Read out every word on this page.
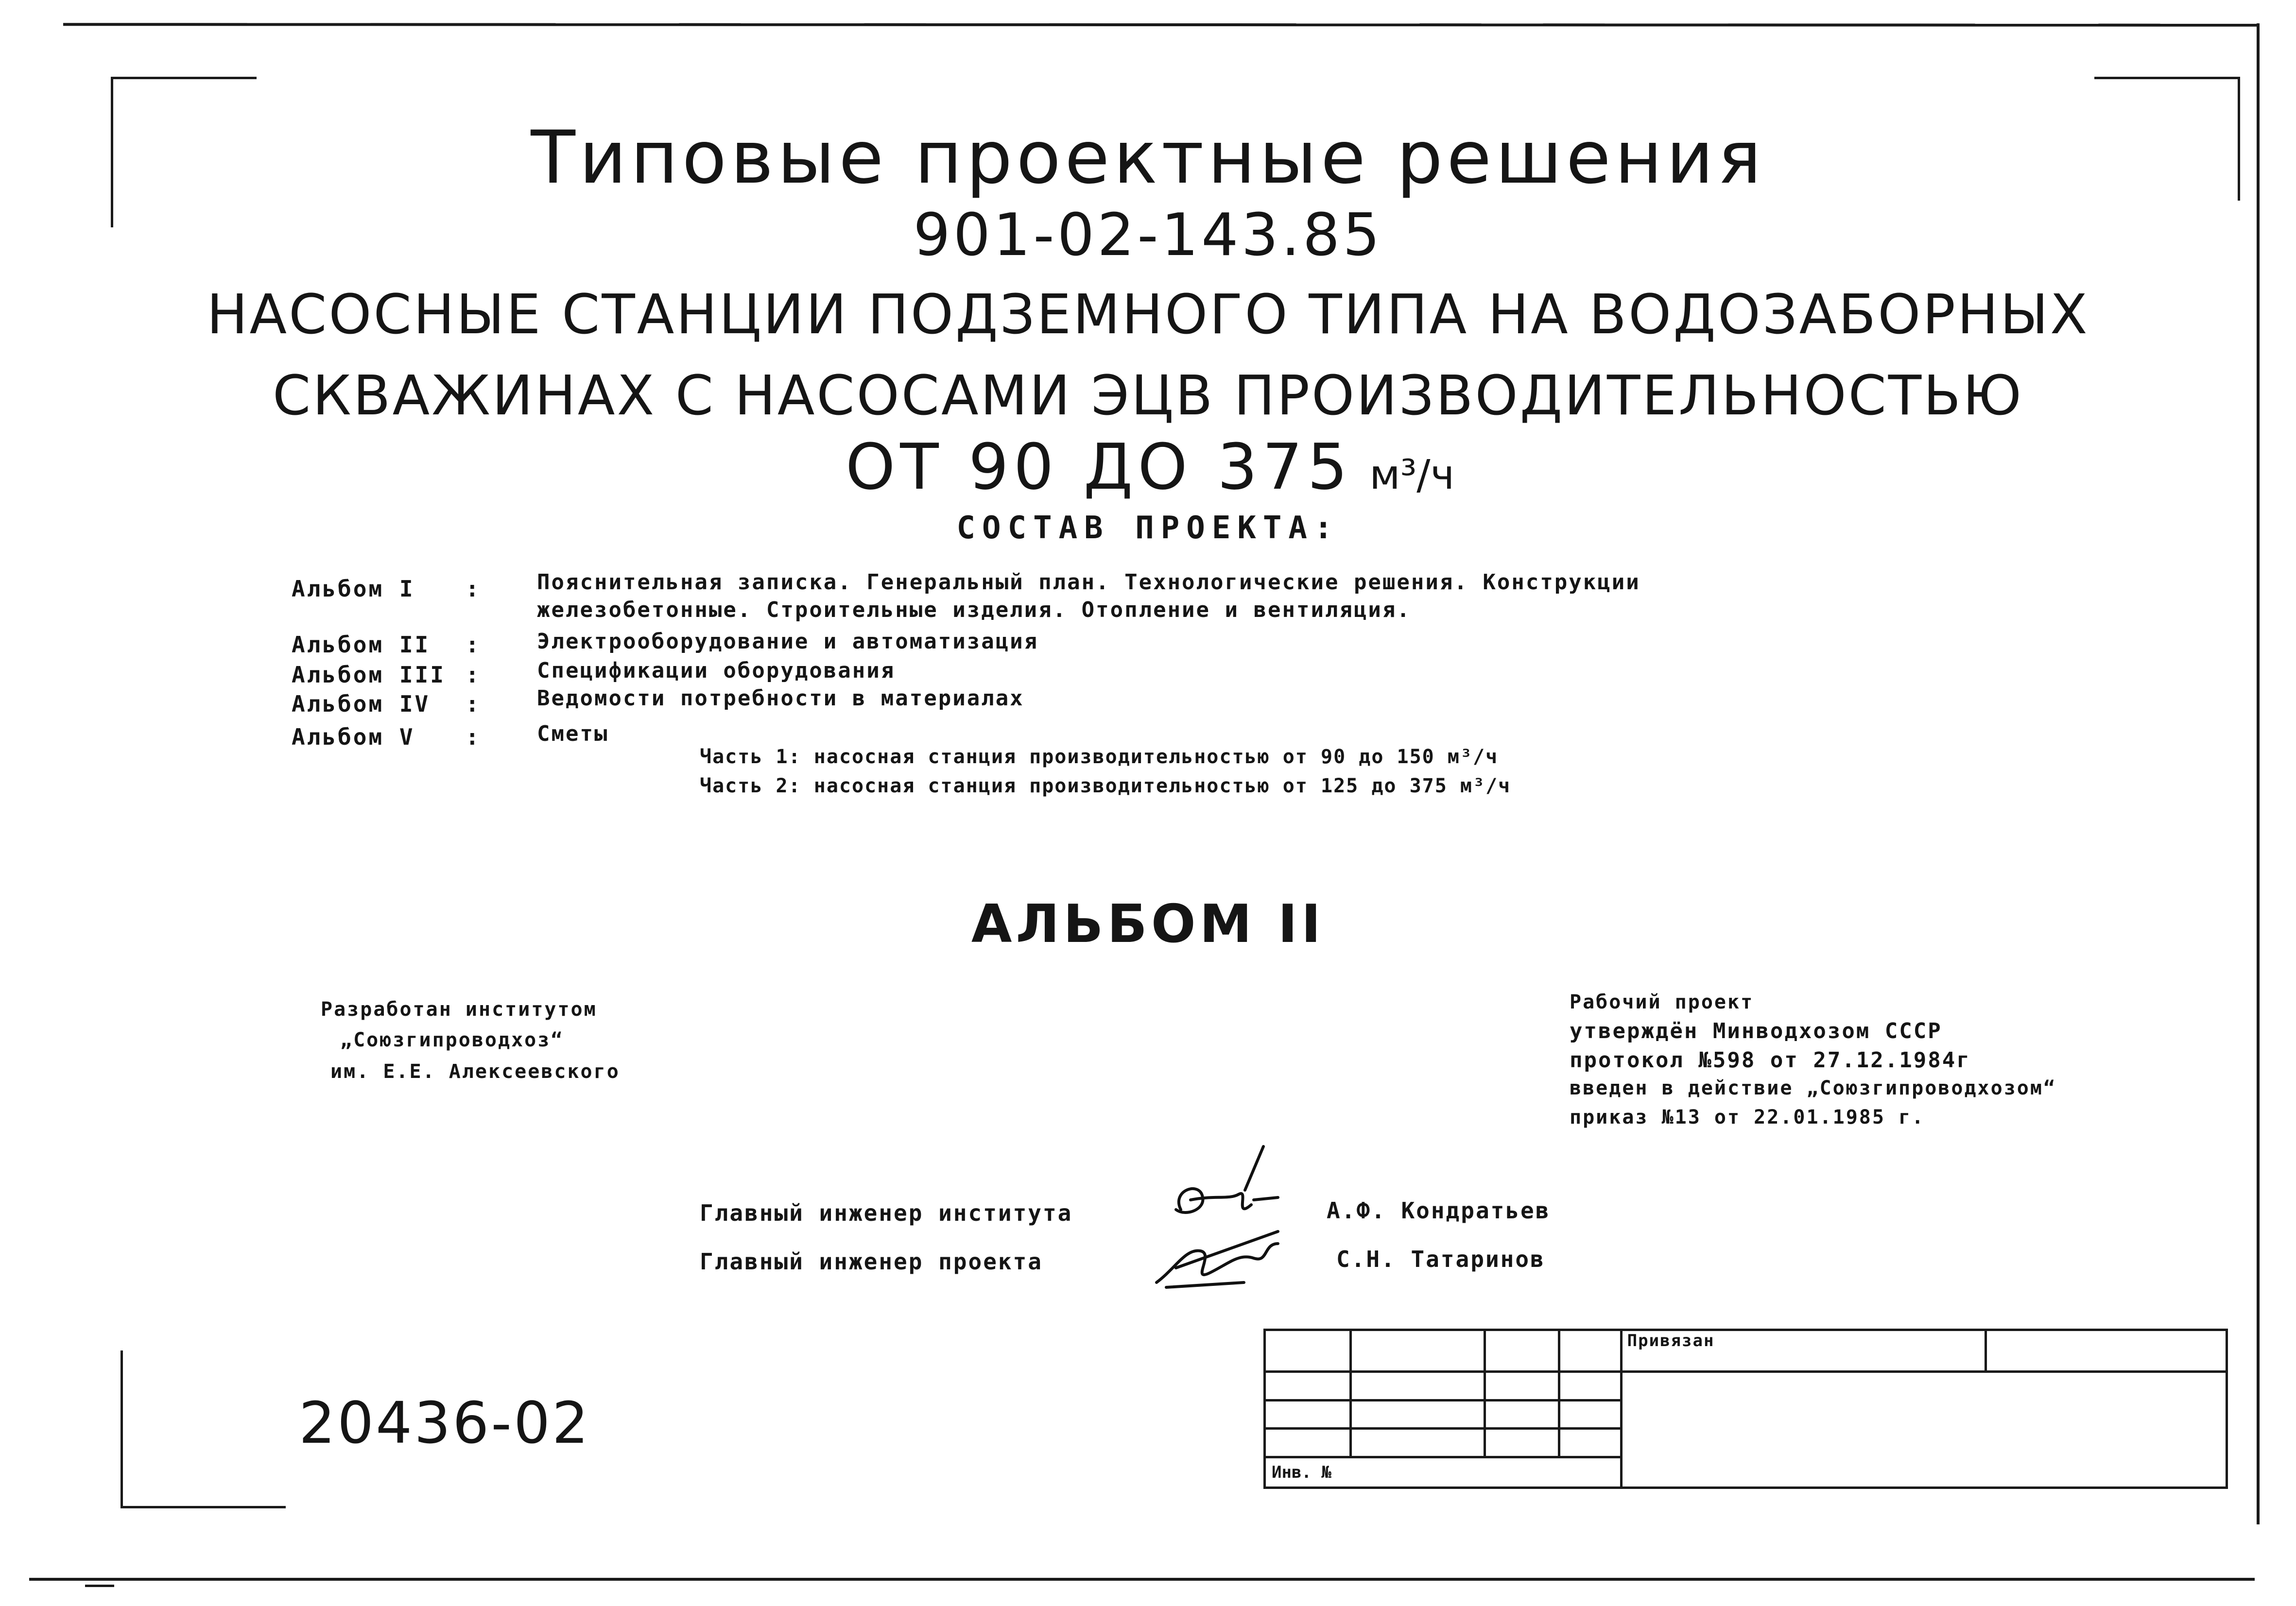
Типовые проектные решения
901-02-143.85
НАСОСНЫЕ СТАНЦИИ ПОДЗЕМНОГО ТИПА НА ВОДОЗАБОРНЫХ
СКВАЖИНАХ С НАСОСАМИ ЭЦВ ПРОИЗВОДИТЕЛЬНОСТЬЮ
ОТ 90 ДО 375 м³/ч
СОСТАВ ПРОЕКТА:
Альбом I :	Пояснительная записка. Генеральный план. Технологические решения. Конструкции
железобетонные. Строительные изделия. Отопление и вентиляция.
Альбом II :	Электрооборудование и автоматизация
Альбом III :	Спецификации оборудования
Альбом IV :	Ведомости потребности в материалах
Альбом V :	Сметы
Часть 1: насосная станция производительностью от 90 до 150 м³/ч
Часть 2: насосная станция производительностью от 125 до 375 м³/ч
АЛЬБОМ II
Разработан институтом
„Союзгипроводхоз“
им. Е.Е. Алексеевского
Рабочий проект
утверждён Минводхозом СССР
протокол №598 от 27.12.1984г
введен в действие „Союзгипроводхозом“
приказ №13 от 22.01.1985 г.
Главный инженер института	А.Ф. Кондратьев
Главный инженер проекта	С.Н. Татаринов
20436-02
				Привязан	

Инв. №					
